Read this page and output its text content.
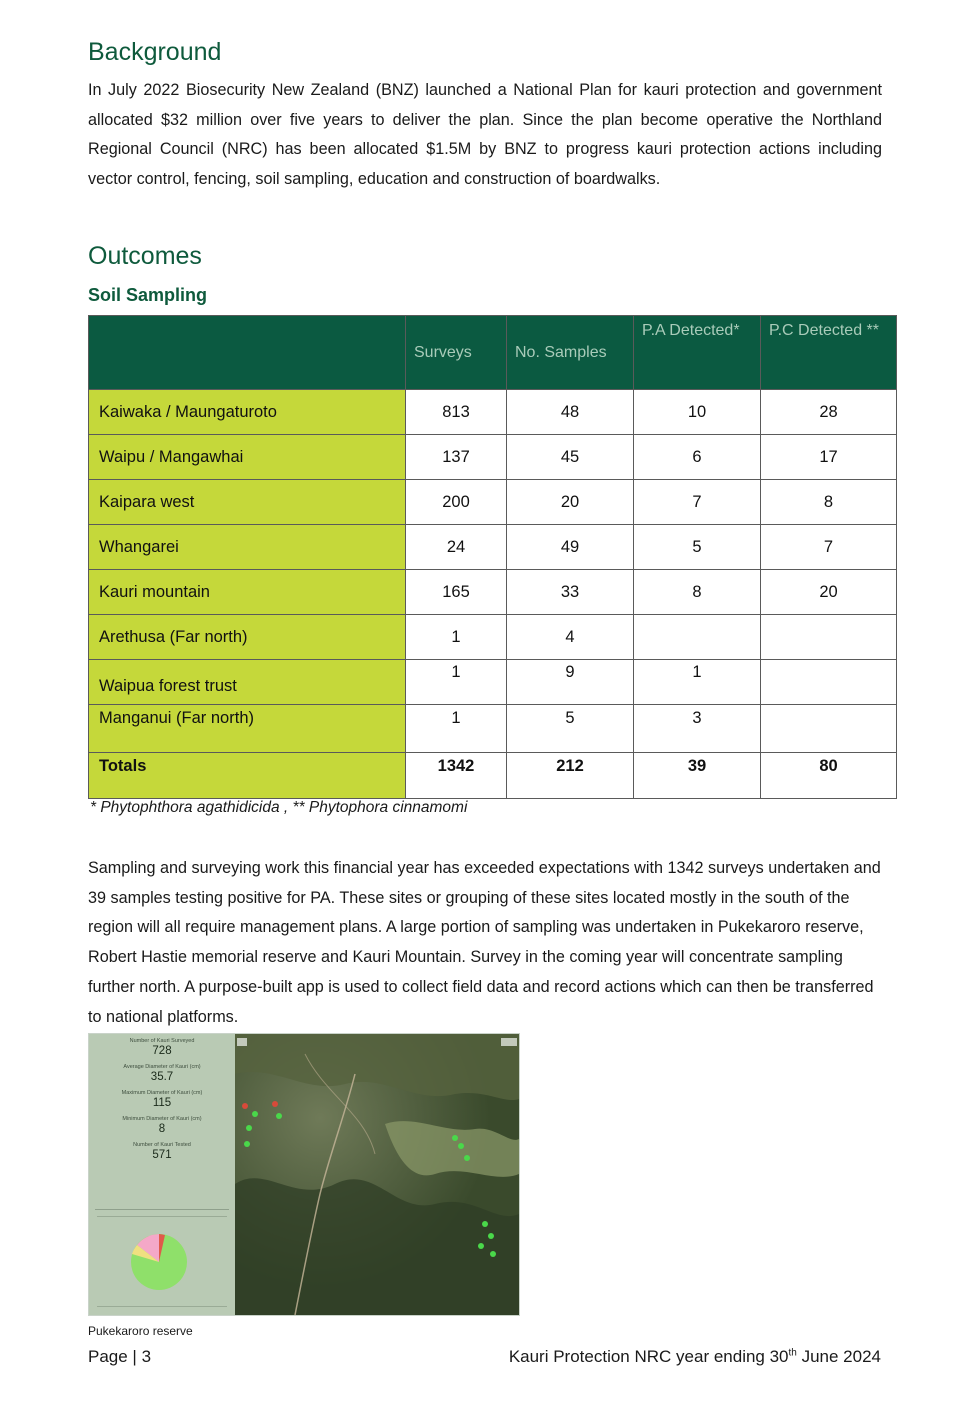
Background

In July 2022 Biosecurity New Zealand (BNZ) launched a National Plan for kauri protection and government allocated $32 million over five years to deliver the plan. Since the plan become operative the Northland Regional Council (NRC) has been allocated $1.5M by BNZ to progress kauri protection actions including vector control, fencing, soil sampling, education and construction of boardwalks.

Outcomes
Soil Sampling
	Surveys	No. Samples	P.A Detected*	P.C Detected **
Kaiwaka / Maungaturoto	813	48	10	28
Waipu / Mangawhai	137	45	6	17
Kaipara west	200	20	7	8
Whangarei	24	49	5	7
Kauri mountain	165	33	8	20
Arethusa (Far north)	1	4		
Waipua forest trust	1	9	1	
Manganui (Far north)	1	5	3	
Totals	1342	212	39	80
* Phytophthora agathidicida , ** Phytophora cinnamomi

Sampling and surveying work this financial year has exceeded expectations with 1342 surveys undertaken and 39 samples testing positive for PA. These sites or grouping of these sites located mostly in the south of the region will all require management plans. A large portion of sampling was undertaken in Pukekaroro reserve, Robert Hastie memorial reserve and Kauri Mountain. Survey in the coming year will concentrate sampling further north. A purpose-built app is used to collect field data and record actions which can then be transferred to national platforms.

Number of Kauri Surveyed
728
Average Diameter of Kauri (cm)
35.7
Maximum Diameter of Kauri (cm)
115
Minimum Diameter of Kauri (cm)
8
Number of Kauri Tested
571
Pukekaroro reserve
Page | 3	Kauri Protection NRC year ending 30th June 2024
